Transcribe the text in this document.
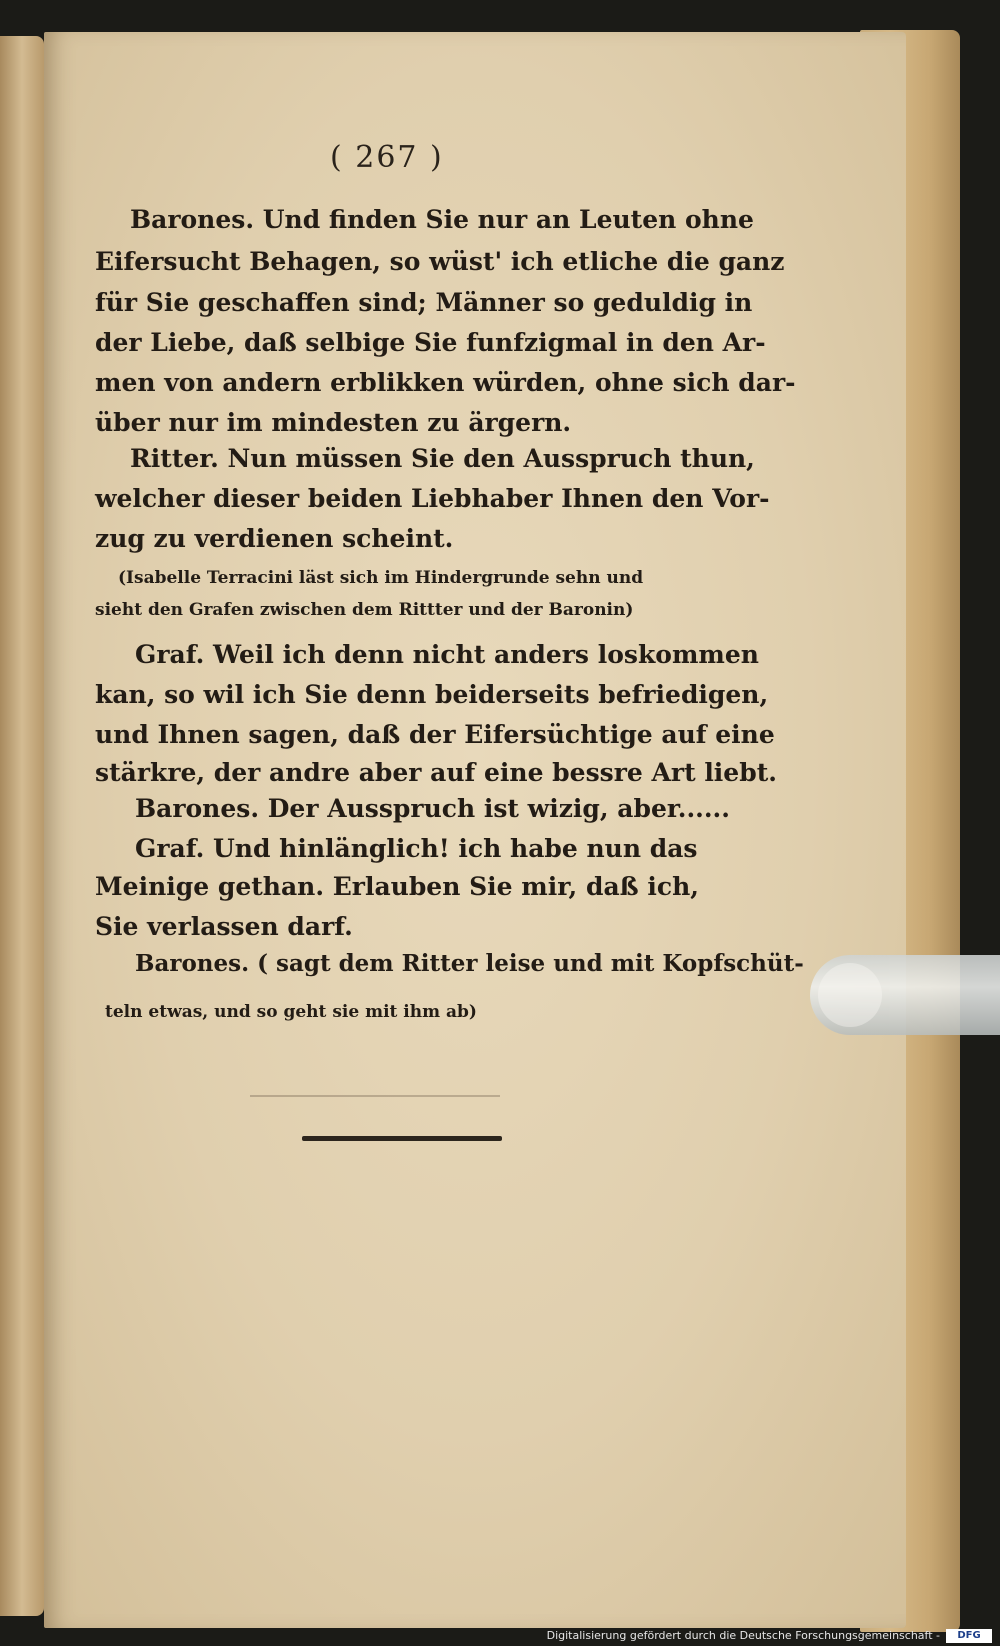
( 267 )
Barones. Und finden Sie nur an Leuten ohne
Eifersucht Behagen, so wüst' ich etliche die ganz
für Sie geschaffen sind; Männer so geduldig in
der Liebe, daß selbige Sie funfzigmal in den Ar-
men von andern erblikken würden, ohne sich dar-
über nur im mindesten zu ärgern.
Ritter. Nun müssen Sie den Ausspruch thun,
welcher dieser beiden Liebhaber Ihnen den Vor-
zug zu verdienen scheint.
(Isabelle Terracini läst sich im Hindergrunde sehn und
sieht den Grafen zwischen dem Rittter und der Baronin)
Graf. Weil ich denn nicht anders loskommen
kan, so wil ich Sie denn beiderseits befriedigen,
und Ihnen sagen, daß der Eifersüchtige auf eine
stärkre, der andre aber auf eine bessre Art liebt.
Barones. Der Ausspruch ist wizig, aber......
Graf. Und hinlänglich! ich habe nun das
Meinige gethan. Erlauben Sie mir, daß ich,
Sie verlassen darf.
Barones. ( sagt dem Ritter leise und mit Kopfschüt-
teln etwas, und so geht sie mit ihm ab)
Digitalisierung gefördert durch die Deutsche Forschungsgemeinschaft -	DFG
